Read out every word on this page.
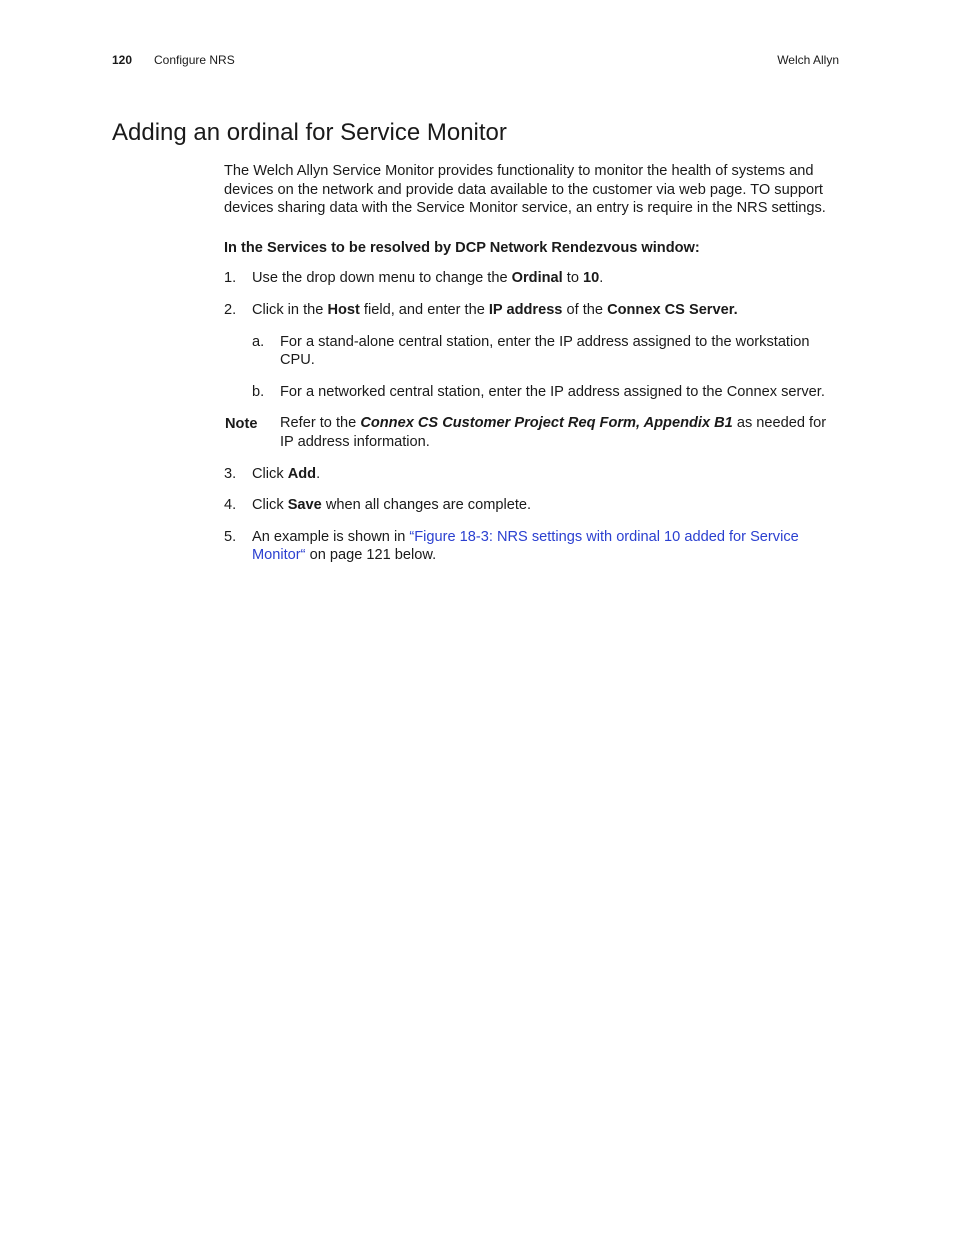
120 Configure NRS	Welch Allyn
Adding an ordinal for Service Monitor

The Welch Allyn Service Monitor provides functionality to monitor the health of systems and devices on the network and provide data available to the customer via web page. TO support devices sharing data with the Service Monitor service, an entry is require in the NRS settings.

In the Services to be resolved by DCP Network Rendezvous window:

1. Use the drop down menu to change the Ordinal to 10.
2. Click in the Host field, and enter the IP address of the Connex CS Server.
a. For a stand-alone central station, enter the IP address assigned to the workstation CPU.
b. For a networked central station, enter the IP address assigned to the Connex server.
Note Refer to the Connex CS Customer Project Req Form, Appendix B1 as needed for IP address information.
3. Click Add.
4. Click Save when all changes are complete.
5. An example is shown in “Figure 18-3: NRS settings with ordinal 10 added for Service Monitor“ on page 121 below.
